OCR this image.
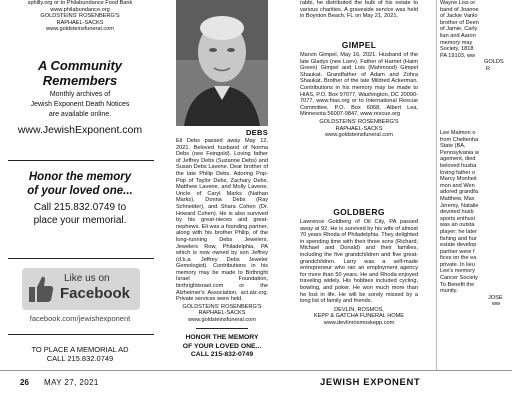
sphilly.org or to Philabundance Food Bank
www.philabundance.org
GOLDSTEINS' ROSENBERG'S
RAPHAEL-SACKS
www.goldsteinsfuneral.com
A Community
Remembers
Monthly archives of
Jewish Exponent Death Notices
are available online.
www.JewishExponent.com
Honor the memory
of your loved one...
Call 215.832.0749 to
place your memorial.
Like us on
Facebook
facebook.com/jewishexponent
TO PLACE A MEMORIAL AD
CALL 215.832.0749
DEBS
Eli Debs passed away May 12, 2021. Beloved husband of Norma Debs (nee Feingold). Loving father of Jeffrey Debs (Suzanne Debs) and Susan Debs Lavene. Dear brother of the late Philip Debs. Adoring Pop-Pop of Taylor Debs, Zachary Debs, Matthew Lavene, and Molly Lavene. Uncle of Caryl Marks (Nathan Marks), Donna Debs (Ray Schneider), and Shara Cohen (Dr. Howard Cohen). He is also survived by his great-nieces and great-nephews. Eli was a founding partner, along with his brother Philip, of the long-running Debs Jewelers, Jewelers Row, Philadelphia, PA which is now owned by son Jeffrey (d.b.a. Jeffrey Debs Jeweler Gemologist). Contributions in his memory may be made to Birthright Israel Foundation, birthrightisrael.com or the Alzheimer's Association, act.alz.org. Private services were held.
GOLDSTEINS' ROSENBERG'S
RAPHAEL-SACKS
www.goldsteinsfuneral.com
HONOR THE MEMORY
OF YOUR LOVED ONE...
CALL 215-832-0749
rabbi, he distributed the bulk of his estate to various charities. A graveside service was held in Boynton Beach, FL on May 21, 2021.
GIMPEL
Marvin Gimpel, May 16, 2021. Husband of the late Gladys (nee Loev). Father of Harriet (Haim Green) Gimpel and Lois (Mahmood) Gimpel Shaukat. Grandfather of Adam and Zohra Shaukat. Brother of the late Mildred Ackerman. Contributions in his memory may be made to HIAS, P.O. Box 97077, Washington, DC 20090-7077, www.hias.org or to International Rescue Committee, P.O. Box 6068, Albert Lea, Minnesota 56007-9847, www.rescue.org
GOLDSTEINS' ROSENBERG'S
RAPHAEL-SACKS
www.goldsteinsfuneral.com
GOLDBERG
Lawrence Goldberg of Oil City, PA passed away at 92. He is survived by his wife of almost 70 years Rhoda of Philadelphia. They delighted in spending time with their three sons (Richard, Michael and Donald) and their families, including the five grandchildren and five great-grandchildren. Larry was a self-made entrepreneur who ran an employment agency for more than 50 years. He and Rhoda enjoyed traveling widely. His hobbies included cycling, bowling, and poker. He won much more than he lost in life. He will be sorely missed by a long list of family and friends.
DEVLIN, ROSMOS,
KEPP & GATCHA FUNERAL HOME
www.devlinrosmoskepp.com
Wayne Liss or
band of Joanne
of Jackie Vanlo
brother of Deen
of Jamie, Carly
lian and Aaron
memory may
Society, 1818
PA 19103, ww
GOLDS
R
Lee Maimon o
from Cheltenha
State (BA,
Pennsylvania w
agement, died
beloved husba
loving father o
Marcy Monheit
mon and Wen
adored grandfa
Matthew, Max
Jeremy, Natalie
devoted husb
sports enthusi
was an outsta
player; he later
fishing and hur
estate develop
partner were f
fices on the ea
private. In lieu
Lee's memory
Cancer Society
To Benefit the
munity.
JOSE
ww
26 MAY 27, 2021	JEWISH EXPONENT
